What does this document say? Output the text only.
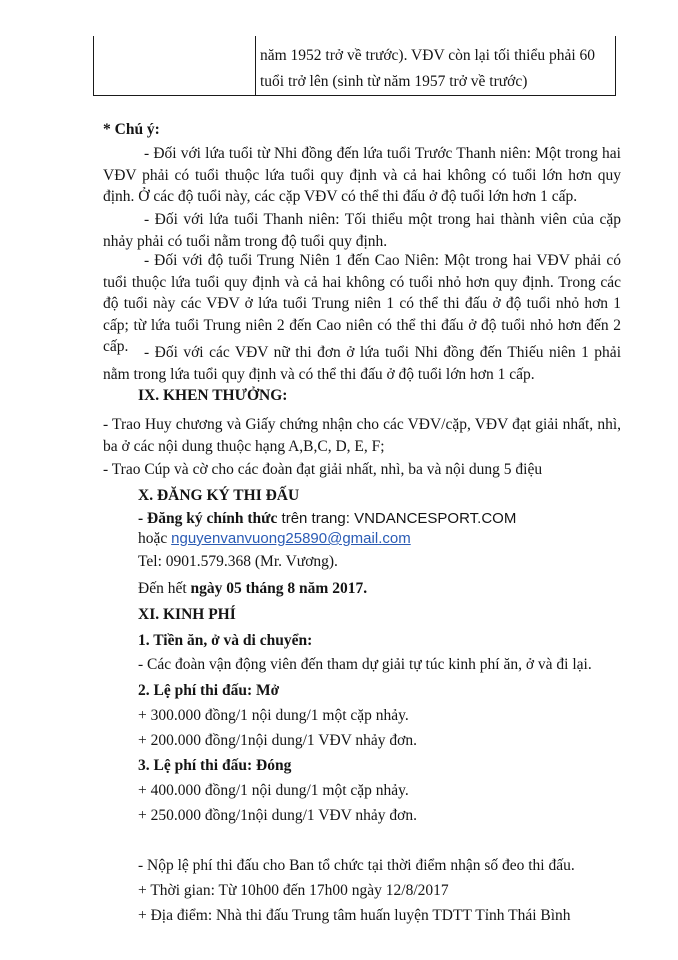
năm 1952 trở về trước). VĐV còn lại tối thiểu phải 60
tuổi trở lên (sinh từ năm 1957 trở về trước)
* Chú ý:
- Đối với lứa tuổi từ Nhi đồng đến lứa tuổi Trước Thanh niên: Một trong hai VĐV phải có tuổi thuộc lứa tuổi quy định và cả hai không có tuổi lớn hơn quy định. Ở các độ tuổi này, các cặp VĐV có thể thi đấu ở độ tuổi lớn hơn 1 cấp.
- Đối với lứa tuổi Thanh niên: Tối thiểu một trong hai thành viên của cặp nhảy phải có tuổi nằm trong độ tuổi quy định.
- Đối với độ tuổi Trung Niên 1 đến Cao Niên: Một trong hai VĐV phải có tuổi thuộc lứa tuổi quy định và cả hai không có tuổi nhỏ hơn quy định. Trong các độ tuổi này các VĐV ở lứa tuổi Trung niên 1 có thể thi đấu ở độ tuổi nhỏ hơn 1 cấp; từ lứa tuổi Trung niên 2 đến Cao niên có thể thi đấu ở độ tuổi nhỏ hơn đến 2 cấp.	- Đối với các VĐV nữ thi đơn ở lứa tuổi Nhi đồng đến Thiếu niên 1 phải nằm trong lứa tuổi quy định và có thể thi đấu ở độ tuổi lớn hơn 1 cấp.
IX. KHEN THƯỞNG:
- Trao Huy chương và Giấy chứng nhận cho các VĐV/cặp, VĐV đạt giải nhất, nhì, ba ở các nội dung thuộc hạng A,B,C, D, E, F;
- Trao Cúp và cờ cho các đoàn đạt giải nhất, nhì, ba và nội dung 5 điệu
X. ĐĂNG KÝ THI ĐẤU
- Đăng ký chính thức trên trang: VNDANCESPORT.COM
hoặc nguyenvanvuong25890@gmail.com
Tel: 0901.579.368 (Mr. Vương).
Đến hết ngày 05 tháng 8 năm 2017.
XI. KINH PHÍ
1. Tiền ăn, ở và di chuyển:
- Các đoàn vận động viên đến tham dự giải tự túc kinh phí ăn, ở và đi lại.
2. Lệ phí thi đấu: Mở
+ 300.000 đồng/1 nội dung/1 một cặp nhảy.
+ 200.000 đồng/1nội dung/1 VĐV nhảy đơn.
3. Lệ phí thi đấu: Đóng
+ 400.000 đồng/1 nội dung/1 một cặp nhảy.
+ 250.000 đồng/1nội dung/1 VĐV nhảy đơn.
- Nộp lệ phí thi đấu cho Ban tổ chức tại thời điểm nhận số đeo thi đấu.
+ Thời gian: Từ 10h00 đến 17h00 ngày 12/8/2017
+ Địa điểm: Nhà thi đấu Trung tâm huấn luyện TDTT Tỉnh Thái Bình
